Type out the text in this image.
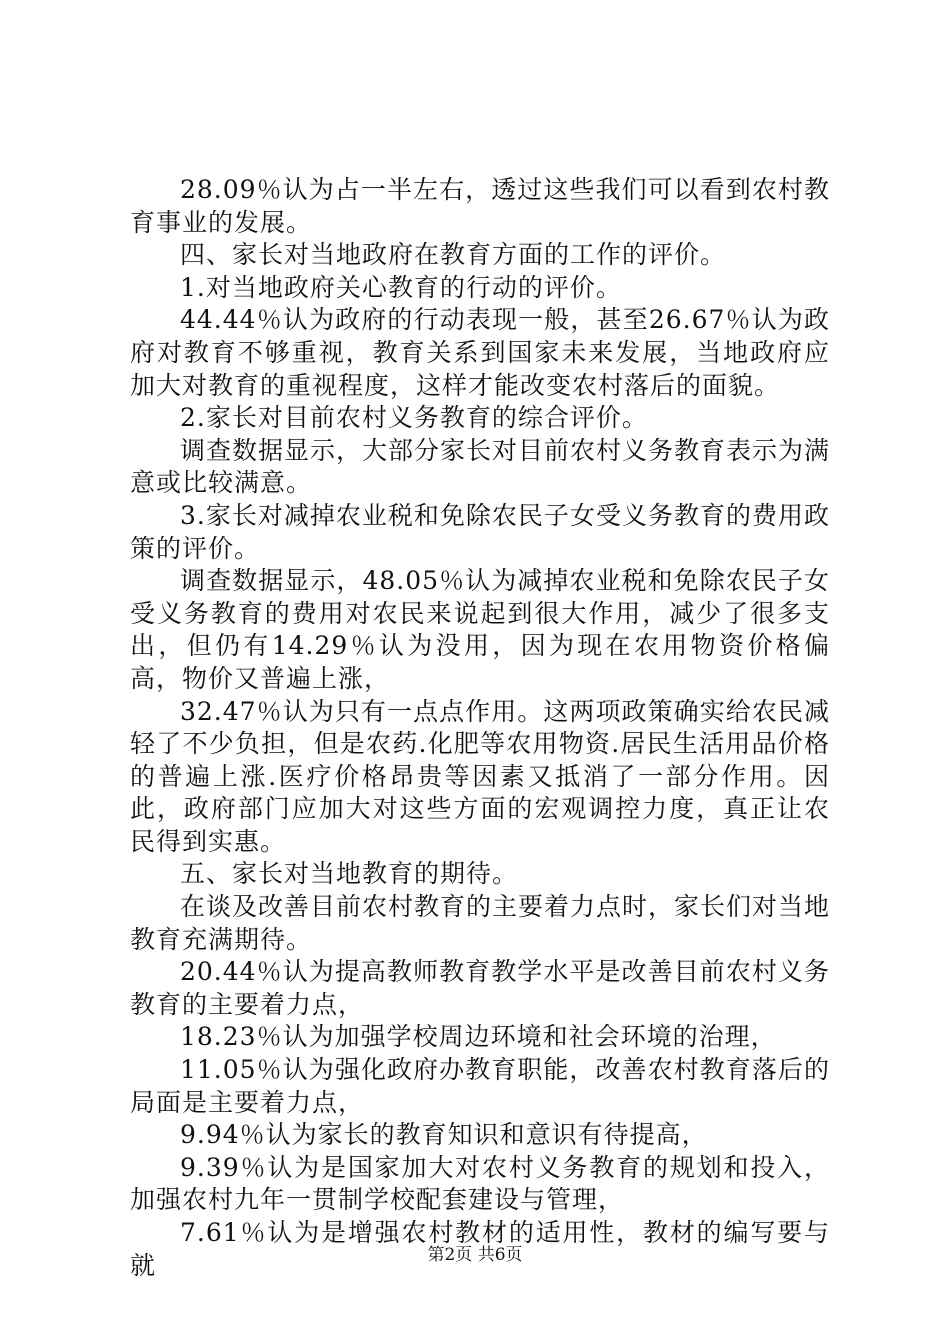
28.09％认为占一半左右，透过这些我们可以看到农村教育事业的发展。

四、家长对当地政府在教育方面的工作的评价。

1.对当地政府关心教育的行动的评价。

44.44％认为政府的行动表现一般，甚至26.67％认为政府对教育不够重视，教育关系到国家未来发展，当地政府应加大对教育的重视程度，这样才能改变农村落后的面貌。

2.家长对目前农村义务教育的综合评价。

调查数据显示，大部分家长对目前农村义务教育表示为满意或比较满意。

3.家长对减掉农业税和免除农民子女受义务教育的费用政策的评价。

调查数据显示，48.05％认为减掉农业税和免除农民子女受义务教育的费用对农民来说起到很大作用，减少了很多支出，但仍有14.29％认为没用，因为现在农用物资价格偏高，物价又普遍上涨，

32.47％认为只有一点点作用。这两项政策确实给农民减轻了不少负担，但是农药.化肥等农用物资.居民生活用品价格的普遍上涨.医疗价格昂贵等因素又抵消了一部分作用。因此，政府部门应加大对这些方面的宏观调控力度，真正让农民得到实惠。

五、家长对当地教育的期待。

在谈及改善目前农村教育的主要着力点时，家长们对当地教育充满期待。

20.44％认为提高教师教育教学水平是改善目前农村义务教育的主要着力点，

18.23％认为加强学校周边环境和社会环境的治理，

11.05％认为强化政府办教育职能，改善农村教育落后的局面是主要着力点，

9.94％认为家长的教育知识和意识有待提高，

9.39％认为是国家加大对农村义务教育的规划和投入，加强农村九年一贯制学校配套建设与管理，

7.61％认为是增强农村教材的适用性，教材的编写要与就	第2页 共6页
